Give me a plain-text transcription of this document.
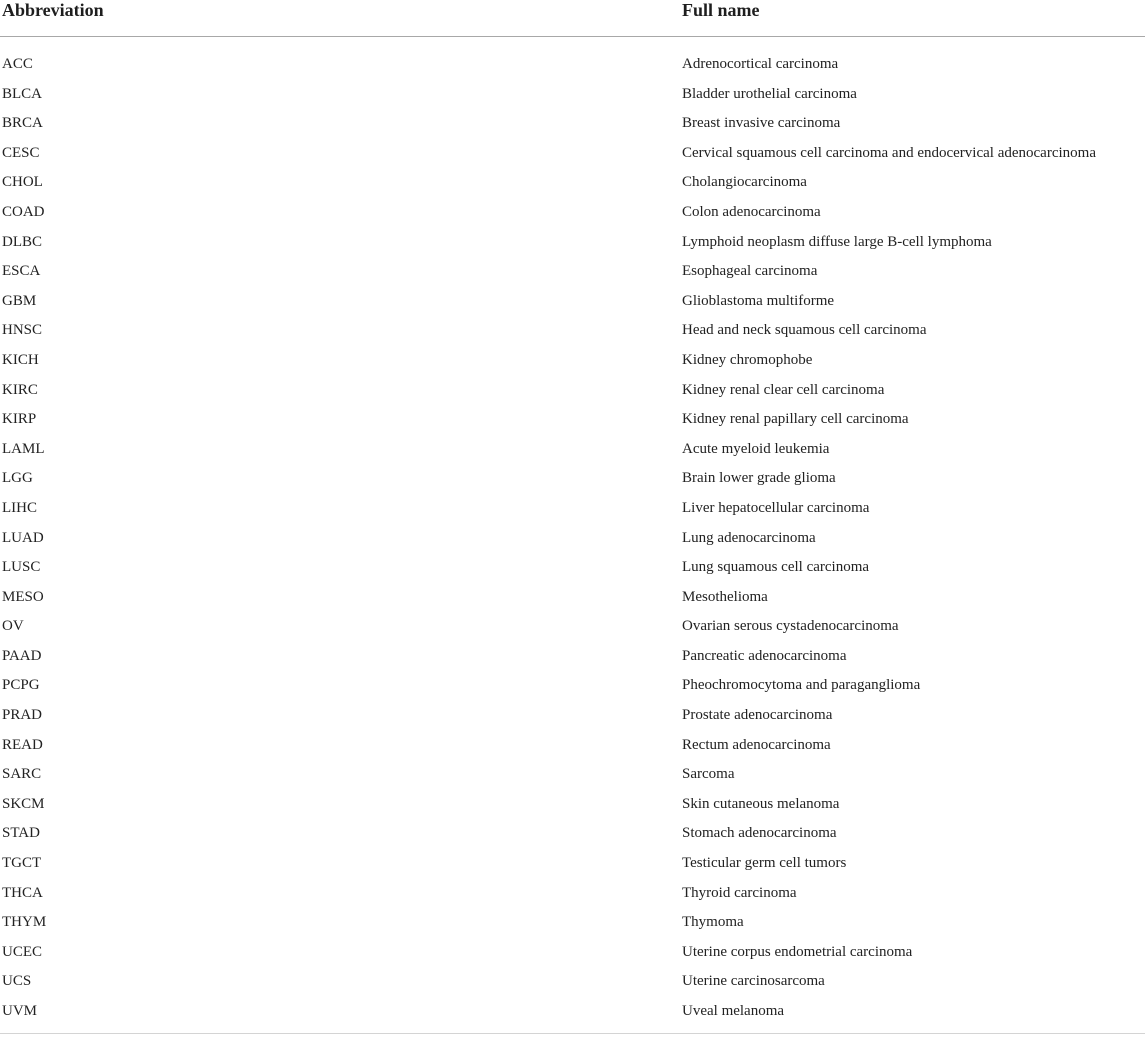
Abbreviation	Full name
ACC	Adrenocortical carcinoma
BLCA	Bladder urothelial carcinoma
BRCA	Breast invasive carcinoma
CESC	Cervical squamous cell carcinoma and endocervical adenocarcinoma
CHOL	Cholangiocarcinoma
COAD	Colon adenocarcinoma
DLBC	Lymphoid neoplasm diffuse large B-cell lymphoma
ESCA	Esophageal carcinoma
GBM	Glioblastoma multiforme
HNSC	Head and neck squamous cell carcinoma
KICH	Kidney chromophobe
KIRC	Kidney renal clear cell carcinoma
KIRP	Kidney renal papillary cell carcinoma
LAML	Acute myeloid leukemia
LGG	Brain lower grade glioma
LIHC	Liver hepatocellular carcinoma
LUAD	Lung adenocarcinoma
LUSC	Lung squamous cell carcinoma
MESO	Mesothelioma
OV	Ovarian serous cystadenocarcinoma
PAAD	Pancreatic adenocarcinoma
PCPG	Pheochromocytoma and paraganglioma
PRAD	Prostate adenocarcinoma
READ	Rectum adenocarcinoma
SARC	Sarcoma
SKCM	Skin cutaneous melanoma
STAD	Stomach adenocarcinoma
TGCT	Testicular germ cell tumors
THCA	Thyroid carcinoma
THYM	Thymoma
UCEC	Uterine corpus endometrial carcinoma
UCS	Uterine carcinosarcoma
UVM	Uveal melanoma
